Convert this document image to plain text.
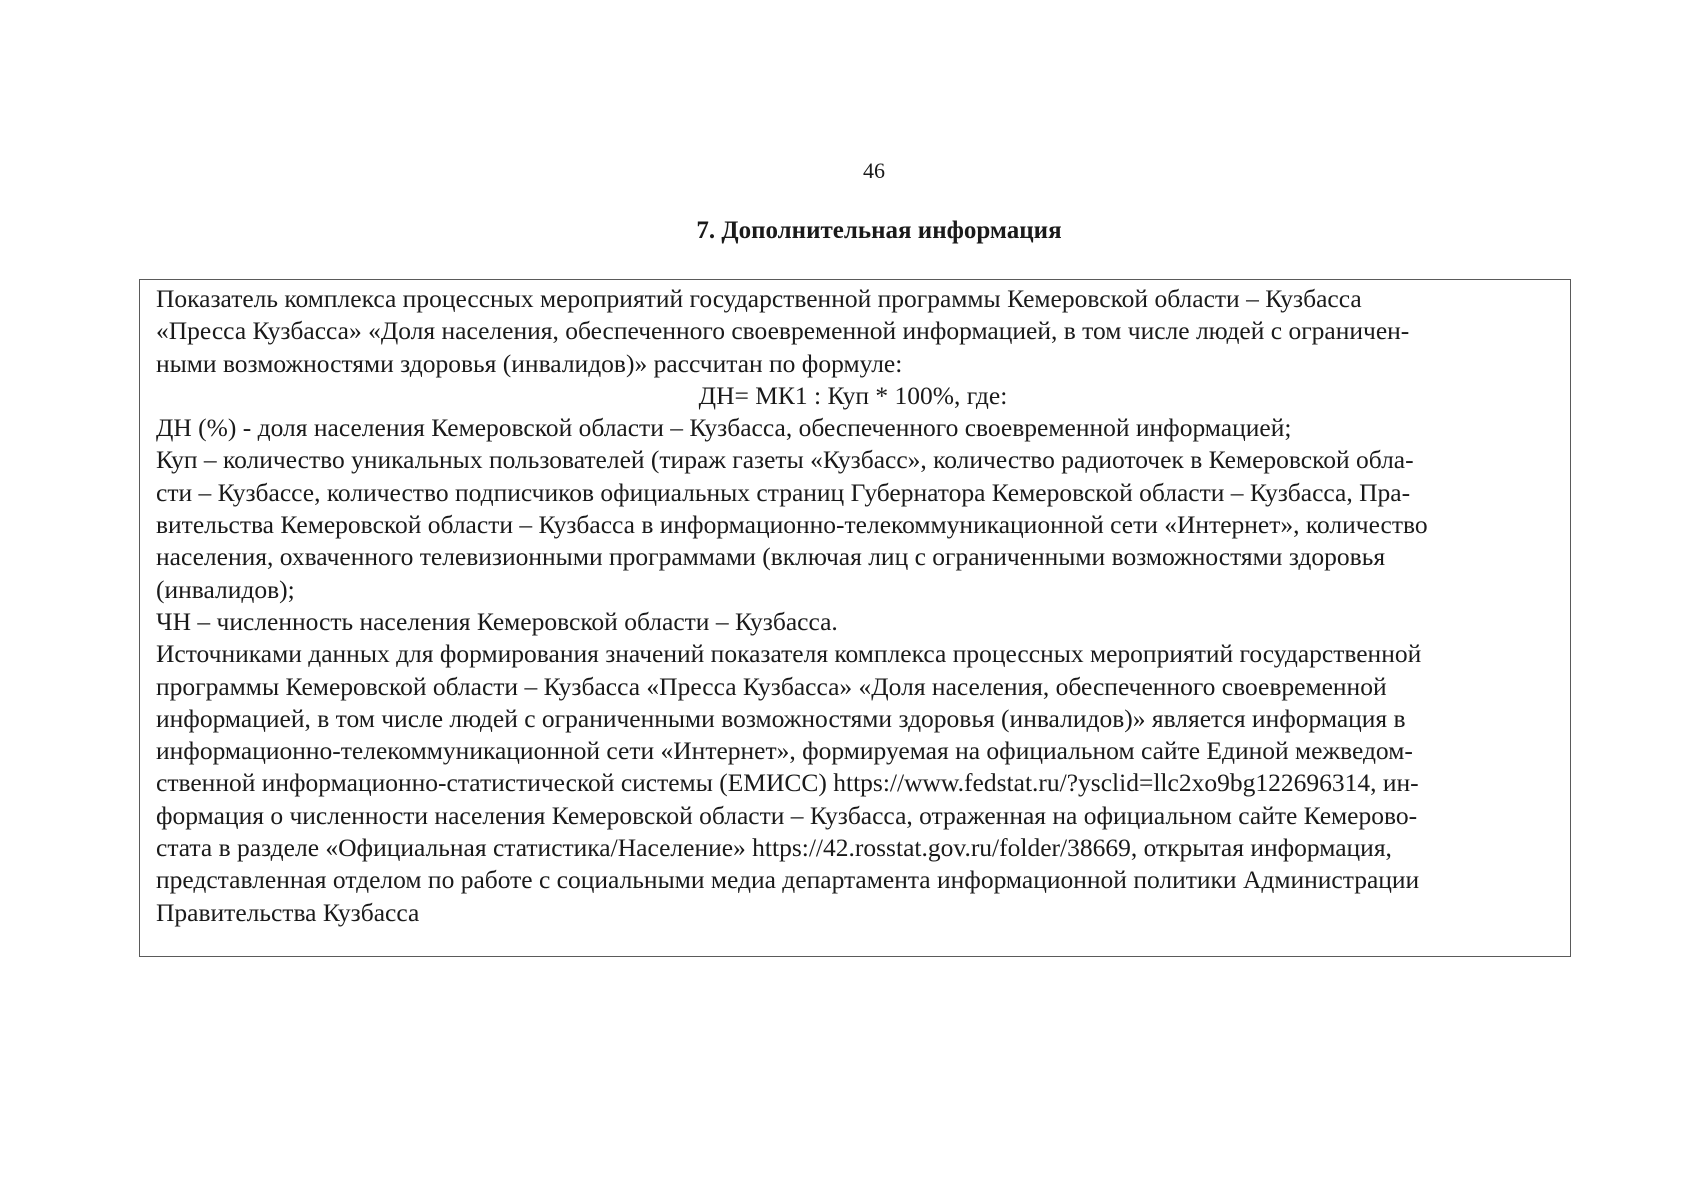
46
7. Дополнительная информация
Показатель комплекса процессных мероприятий государственной программы Кемеровской области – Кузбасса
«Пресса Кузбасса» «Доля населения, обеспеченного своевременной информацией, в том числе людей с ограничен-
ными возможностями здоровья (инвалидов)» рассчитан по формуле:
ДН= МК1 : Куп * 100%, где:
ДН (%) - доля населения Кемеровской области – Кузбасса, обеспеченного своевременной информацией;
Куп – количество уникальных пользователей (тираж газеты «Кузбасс», количество радиоточек в Кемеровской обла-
сти – Кузбассе, количество подписчиков официальных страниц Губернатора Кемеровской области – Кузбасса, Пра-
вительства Кемеровской области – Кузбасса в информационно-телекоммуникационной сети «Интернет», количество
населения, охваченного телевизионными программами (включая лиц с ограниченными возможностями здоровья
(инвалидов);
ЧН – численность населения Кемеровской области – Кузбасса.
Источниками данных для формирования значений показателя комплекса процессных мероприятий государственной
программы Кемеровской области – Кузбасса «Пресса Кузбасса» «Доля населения, обеспеченного своевременной
информацией, в том числе людей с ограниченными возможностями здоровья (инвалидов)» является информация в
информационно-телекоммуникационной сети «Интернет», формируемая на официальном сайте Единой межведом-
ственной информационно-статистической системы (ЕМИСС) https://www.fedstat.ru/?ysclid=llc2xo9bg122696314, ин-
формация о численности населения Кемеровской области – Кузбасса, отраженная на официальном сайте Кемерово-
стата в разделе «Официальная статистика/Население» https://42.rosstat.gov.ru/folder/38669, открытая информация,
представленная отделом по работе с социальными медиа департамента информационной политики Администрации
Правительства Кузбасса
